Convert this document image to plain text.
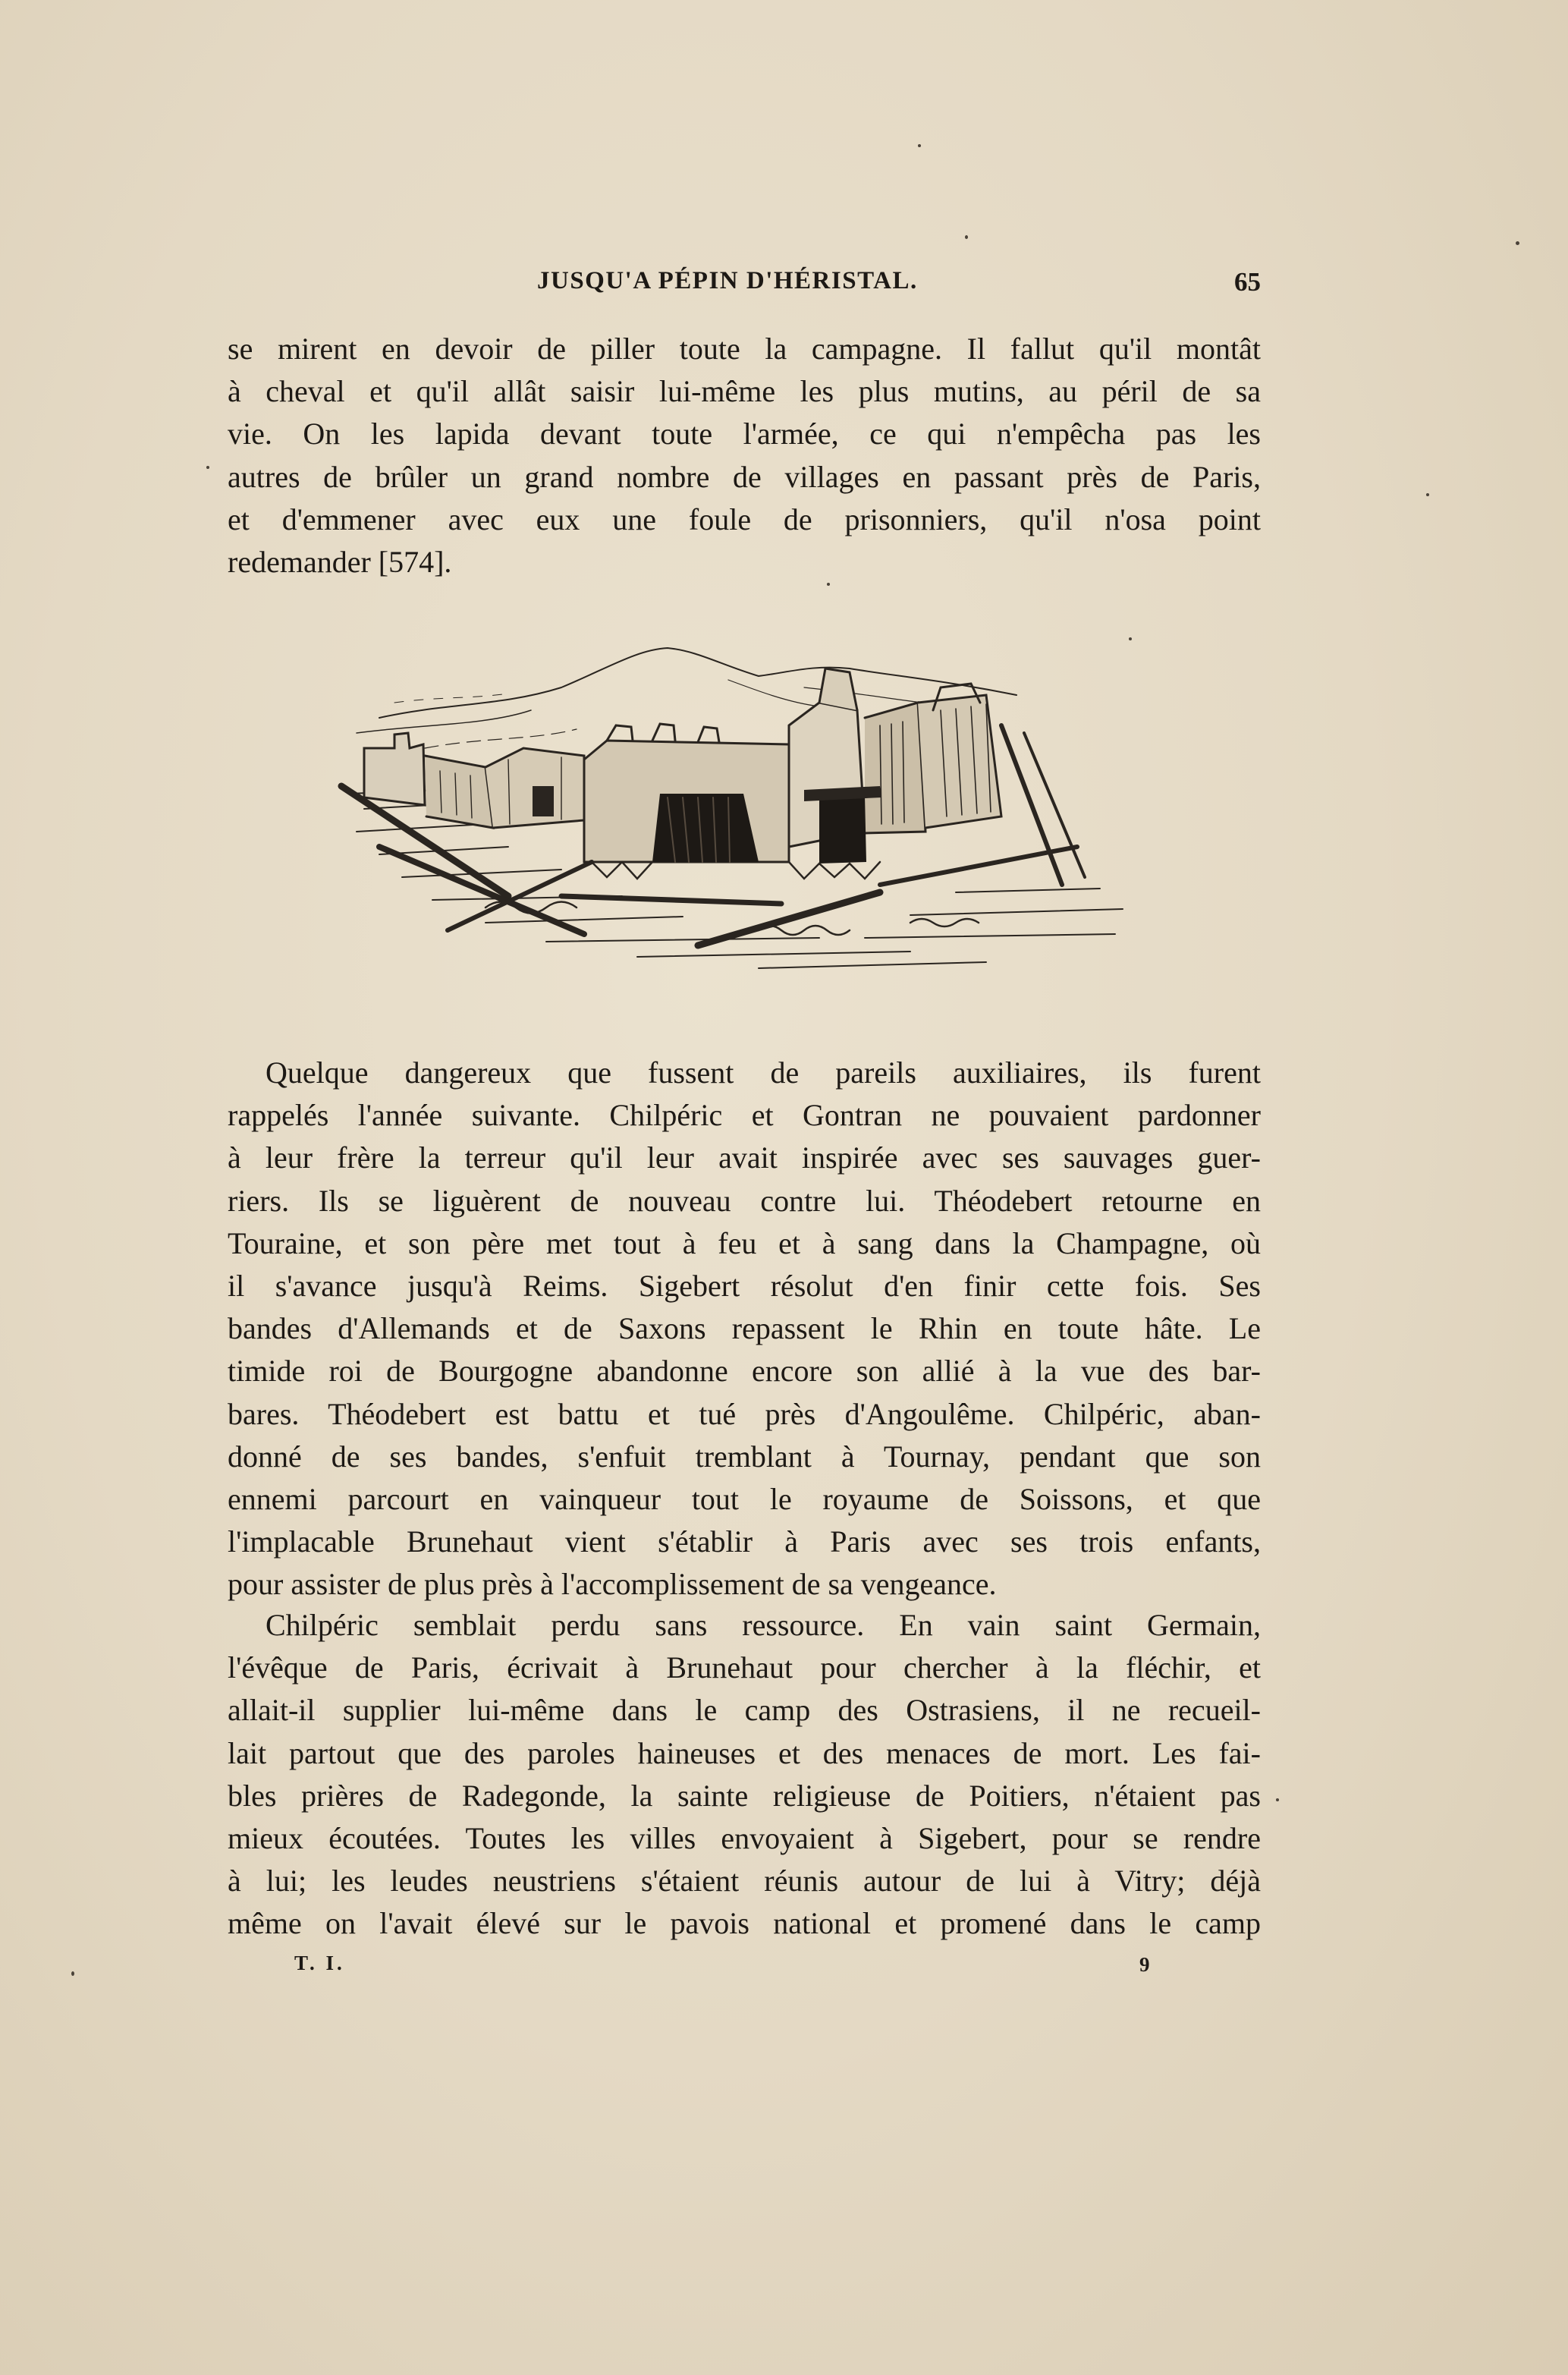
JUSQU'A PÉPIN D'HÉRISTAL.	65

se mirent en devoir de piller toute la campagne. Il fallut qu'il montât
à cheval et qu'il allât saisir lui-même les plus mutins, au péril de sa
vie. On les lapida devant toute l'armée, ce qui n'empêcha pas les
autres de brûler un grand nombre de villages en passant près de Paris,
et d'emmener avec eux une foule de prisonniers, qu'il n'osa point
redemander [574].

Quelque dangereux que fussent de pareils auxiliaires, ils furent
rappelés l'année suivante. Chilpéric et Gontran ne pouvaient pardonner
à leur frère la terreur qu'il leur avait inspirée avec ses sauvages guer-
riers. Ils se liguèrent de nouveau contre lui. Théodebert retourne en
Touraine, et son père met tout à feu et à sang dans la Champagne, où
il s'avance jusqu'à Reims. Sigebert résolut d'en finir cette fois. Ses
bandes d'Allemands et de Saxons repassent le Rhin en toute hâte. Le
timide roi de Bourgogne abandonne encore son allié à la vue des bar-
bares. Théodebert est battu et tué près d'Angoulême. Chilpéric, aban-
donné de ses bandes, s'enfuit tremblant à Tournay, pendant que son
ennemi parcourt en vainqueur tout le royaume de Soissons, et que
l'implacable Brunehaut vient s'établir à Paris avec ses trois enfants,
pour assister de plus près à l'accomplissement de sa vengeance.

Chilpéric semblait perdu sans ressource. En vain saint Germain,
l'évêque de Paris, écrivait à Brunehaut pour chercher à la fléchir, et
allait-il supplier lui-même dans le camp des Ostrasiens, il ne recueil-
lait partout que des paroles haineuses et des menaces de mort. Les fai-
bles prières de Radegonde, la sainte religieuse de Poitiers, n'étaient pas
mieux écoutées. Toutes les villes envoyaient à Sigebert, pour se rendre
à lui; les leudes neustriens s'étaient réunis autour de lui à Vitry; déjà
même on l'avait élevé sur le pavois national et promené dans le camp

T. I.	9
